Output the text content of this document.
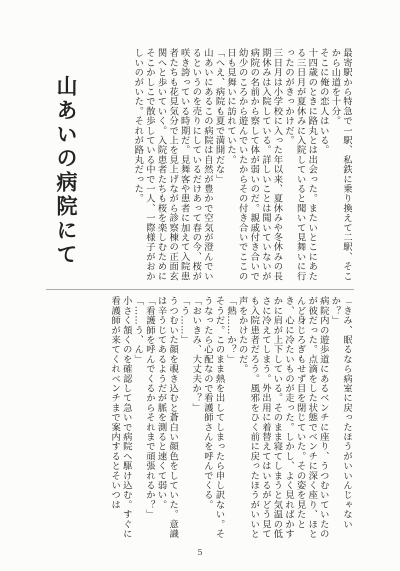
山あいの病院にて	最寄駅から特急で一駅、私鉄に乗り換えて二駅、そこから山道を十分。

そこに俺の恋人はいる。

十四歳のときに路丸とは出会った。またいとこにあたる三日月が夏休みに入院していると聞いて見舞いに行ったのがきっかけだ。

三日月は小学校に入った年以来、夏休みや冬休みの長期休みは入院している。詳しいことは聞いていないが病院の名前から察して体が弱いのだ。親戚付き合いで幼少のころから遊んでいたからその付き合いでここの日も見舞いに訪れていた。

「へえ、病院も夏で満開だな」

山あいにあるこの病院は自然が豊かで空気が澄んでいるというのを売りにしているだけあって春の今、桜が咲き誇っている時期だ。見舞客や患者に加えて入院患者たちも花見気分で上を見上げながら診察棟の正面玄関へと歩いていく。入院患者たちも桜を楽しむためにそこかしこで散歩している中で一人、一際様子がおかしいのがいた。それが路丸だった。

「きみ、眠るなら病室に戻ったほうがいいんじゃないか？」

病院内の遊歩道にあるベンチに座り、うつむいていたのが彼だった。点滴をした状態でベンチに深く座り、ほとんど身じろぎもせず目を閉じていた。その姿を見たとき、心に冷たいものが走った。しかし、よく見ればかすかに肩が上下している。そのまま寝てしまうと気温の低さに冷えてしまう。外出用に着替えてはいるがどう見ても入院患者だろう。風邪をひく前に戻ったほうがいいと声をかけたのだ。

「熱……か？」

そうだ。このまま熱を出してしまったら申し訳ない。そうなったら心配なので看護師さんを呼んでくる。

「おいきみ、大丈夫か？」

「う……」

うつむいた顔を覗き込むと蒼白い顔色をしていた。意識は辛うじてあるようだが脈を測ると速くて弱い。

「看護師を呼んでくるからそれまで頑張れるか？」

「……う、ん」

小さく頷くのを確認して急いで病院へ駆け込む。すぐに看護師が来てくれベンチまで案内するとそいつは

5
